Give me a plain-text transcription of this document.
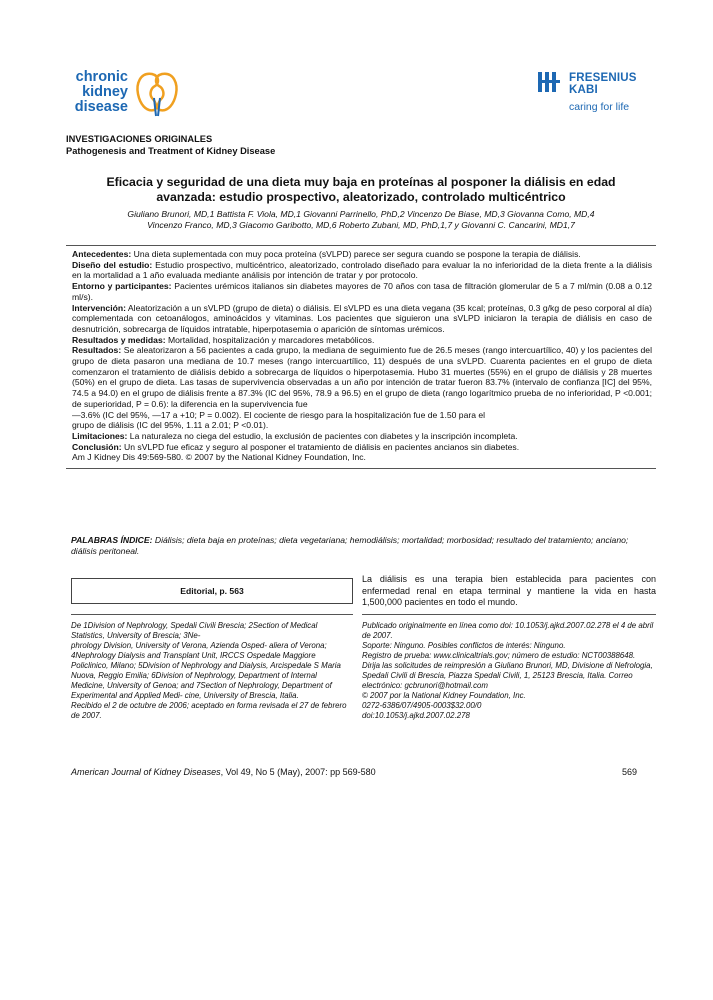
chronic
kidney
disease
FRESENIUS
KABI
caring for life
INVESTIGACIONES ORIGINALES
Pathogenesis and Treatment of Kidney Disease
Eficacia y seguridad de una dieta muy baja en proteínas al posponer la diálisis en edad
avanzada: estudio prospectivo, aleatorizado, controlado multicéntrico
Giuliano Brunori, MD,1 Battista F. Viola, MD,1 Giovanni Parrinello, PhD,2 Vincenzo De Biase, MD,3 Giovanna Como, MD,4
Vincenzo Franco, MD,3 Giacomo Garibotto, MD,6 Roberto Zubani, MD, PhD,1,7 y Giovanni C. Cancarini, MD1,7

Antecedentes: Una dieta suplementada con muy poca proteína (sVLPD) parece ser segura cuando se pospone la terapia de diálisis.

Diseño del estudio: Estudio prospectivo, multicéntrico, aleatorizado, controlado diseñado para evaluar la no inferioridad de la dieta frente a la diálisis en la mortalidad a 1 año evaluada mediante análisis por intención de tratar y por protocolo.

Entorno y participantes: Pacientes urémicos italianos sin diabetes mayores de 70 años con tasa de filtración glomerular de 5 a 7 ml/min (0.08 a 0.12 ml/s).

Intervención: Aleatorización a un sVLPD (grupo de dieta) o diálisis. El sVLPD es una dieta vegana (35 kcal; proteínas, 0.3 g/kg de peso corporal al día) complementada con cetoanálogos, aminoácidos y vitaminas. Los pacientes que siguieron una sVLPD iniciaron la terapia de diálisis en caso de desnutrición, sobrecarga de líquidos intratable, hiperpotasemia o aparición de síntomas urémicos.

Resultados y medidas: Mortalidad, hospitalización y marcadores metabólicos.

Resultados: Se aleatorizaron a 56 pacientes a cada grupo, la mediana de seguimiento fue de 26.5 meses (rango intercuartílico, 40) y los pacientes del grupo de dieta pasaron una mediana de 10.7 meses (rango intercuartílico, 11) después de una sVLPD. Cuarenta pacientes en el grupo de dieta comenzaron el tratamiento de diálisis debido a sobrecarga de líquidos o hiperpotasemia. Hubo 31 muertes (55%) en el grupo de diálisis y 28 muertes (50%) en el grupo de dieta. Las tasas de supervivencia observadas a un año por intención de tratar fueron 83.7% (intervalo de confianza [IC] del 95%, 74.5 a 94.0) en el grupo de diálisis frente a 87.3% (IC del 95%, 78.9 a 96.5) en el grupo de dieta (rango logarítmico prueba de no inferioridad, P <0.001; de superioridad, P = 0.6): la diferencia en la supervivencia fue

—3.6% (IC del 95%, —17 a +10; P = 0.002). El cociente de riesgo para la hospitalización fue de 1.50 para el

grupo de diálisis (IC del 95%, 1.11 a 2.01; P <0.01).

Limitaciones: La naturaleza no ciega del estudio, la exclusión de pacientes con diabetes y la inscripción incompleta.

Conclusión: Un sVLPD fue eficaz y seguro al posponer el tratamiento de diálisis en pacientes ancianos sin diabetes.

Am J Kidney Dis 49:569-580. © 2007 by the National Kidney Foundation, Inc.

PALABRAS ÍNDICE: Diálisis; dieta baja en proteínas; dieta vegetariana; hemodiálisis; mortalidad; morbosidad; resultado del tratamiento; anciano; diálisis peritoneal.
Editorial, p. 563
La diálisis es una terapia bien establecida para pacientes con enfermedad renal en etapa terminal y mantiene la vida en hasta 1,500,000 pacientes en todo el mundo.

De 1Division of Nephrology, Spedali Civili Brescia; 2Section of Medical Statistics, University of Brescia; 3Ne-

phrology Division, University of Verona, Azienda Osped- aliera of Verona; 4Nephrology Dialysis and Transplant Unit, IRCCS Ospedale Maggiore Policlinico, Milano; 5Division of Nephrology and Dialysis, Arcispedale S Maria Nuova, Reggio Emilia; 6Division of Nephrology, Department of Internal Medicine, University of Genoa; and 7Section of Nephrology, Department of Experimental and Applied Medi- cine, University of Brescia, Italia.

Recibido el 2 de octubre de 2006; aceptado en forma revisada el 27 de febrero de 2007.

Publicado originalmente en línea como doi: 10.1053/j.ajkd.2007.02.278 el 4 de abril de 2007.

Soporte: Ninguno. Posibles conflictos de interés: Ninguno.

Registro de prueba: www.clinicaltrials.gov; número de estudio: NCT00388648.

Dirija las solicitudes de reimpresión a Giuliano Brunori, MD, Divisione di Nefrologia, Spedali Civili di Brescia, Piazza Spedali Civili, 1, 25123 Brescia, Italia. Correo electrónico: gcbrunori@hotmail.com

© 2007 por la National Kidney Foundation, Inc.

0272-6386/07/4905-0003$32.00/0

doi:10.1053/j.ajkd.2007.02.278

American Journal of Kidney Diseases, Vol 49, No 5 (May), 2007: pp 569-580	569
